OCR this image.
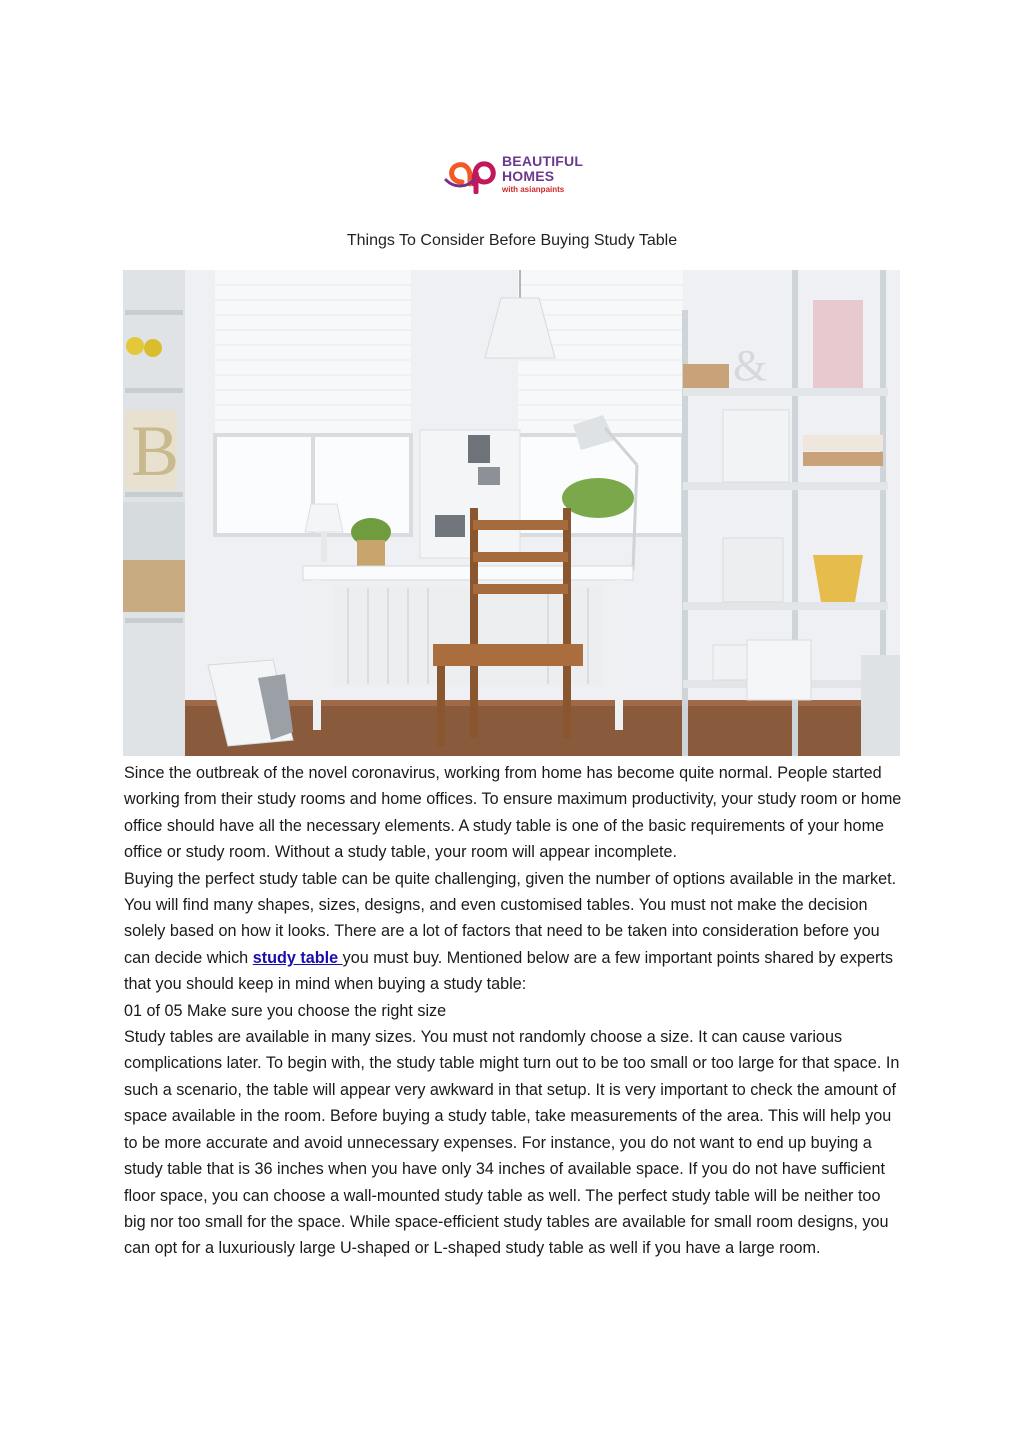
BEAUTIFUL
HOMES
with asianpaints
Things To Consider Before Buying Study Table
B
&

Since the outbreak of the novel coronavirus, working from home has become quite normal. People started working from their study rooms and home offices. To ensure maximum productivity, your study room or home office should have all the necessary elements. A study table is one of the basic requirements of your home office or study room. Without a study table, your room will appear incomplete.

Buying the perfect study table can be quite challenging, given the number of options available in the market. You will find many shapes, sizes, designs, and even customised tables. You must not make the decision solely based on how it looks. There are a lot of factors that need to be taken into consideration before you can decide which study table you must buy. Mentioned below are a few important points shared by experts that you should keep in mind when buying a study table:

01 of 05 Make sure you choose the right size

Study tables are available in many sizes. You must not randomly choose a size. It can cause various complications later. To begin with, the study table might turn out to be too small or too large for that space. In such a scenario, the table will appear very awkward in that setup. It is very important to check the amount of space available in the room. Before buying a study table, take measurements of the area. This will help you to be more accurate and avoid unnecessary expenses. For instance, you do not want to end up buying a study table that is 36 inches when you have only 34 inches of available space. If you do not have sufficient floor space, you can choose a wall-mounted study table as well. The perfect study table will be neither too big nor too small for the space. While space-efficient study tables are available for small room designs, you can opt for a luxuriously large U-shaped or L-shaped study table as well if you have a large room.
